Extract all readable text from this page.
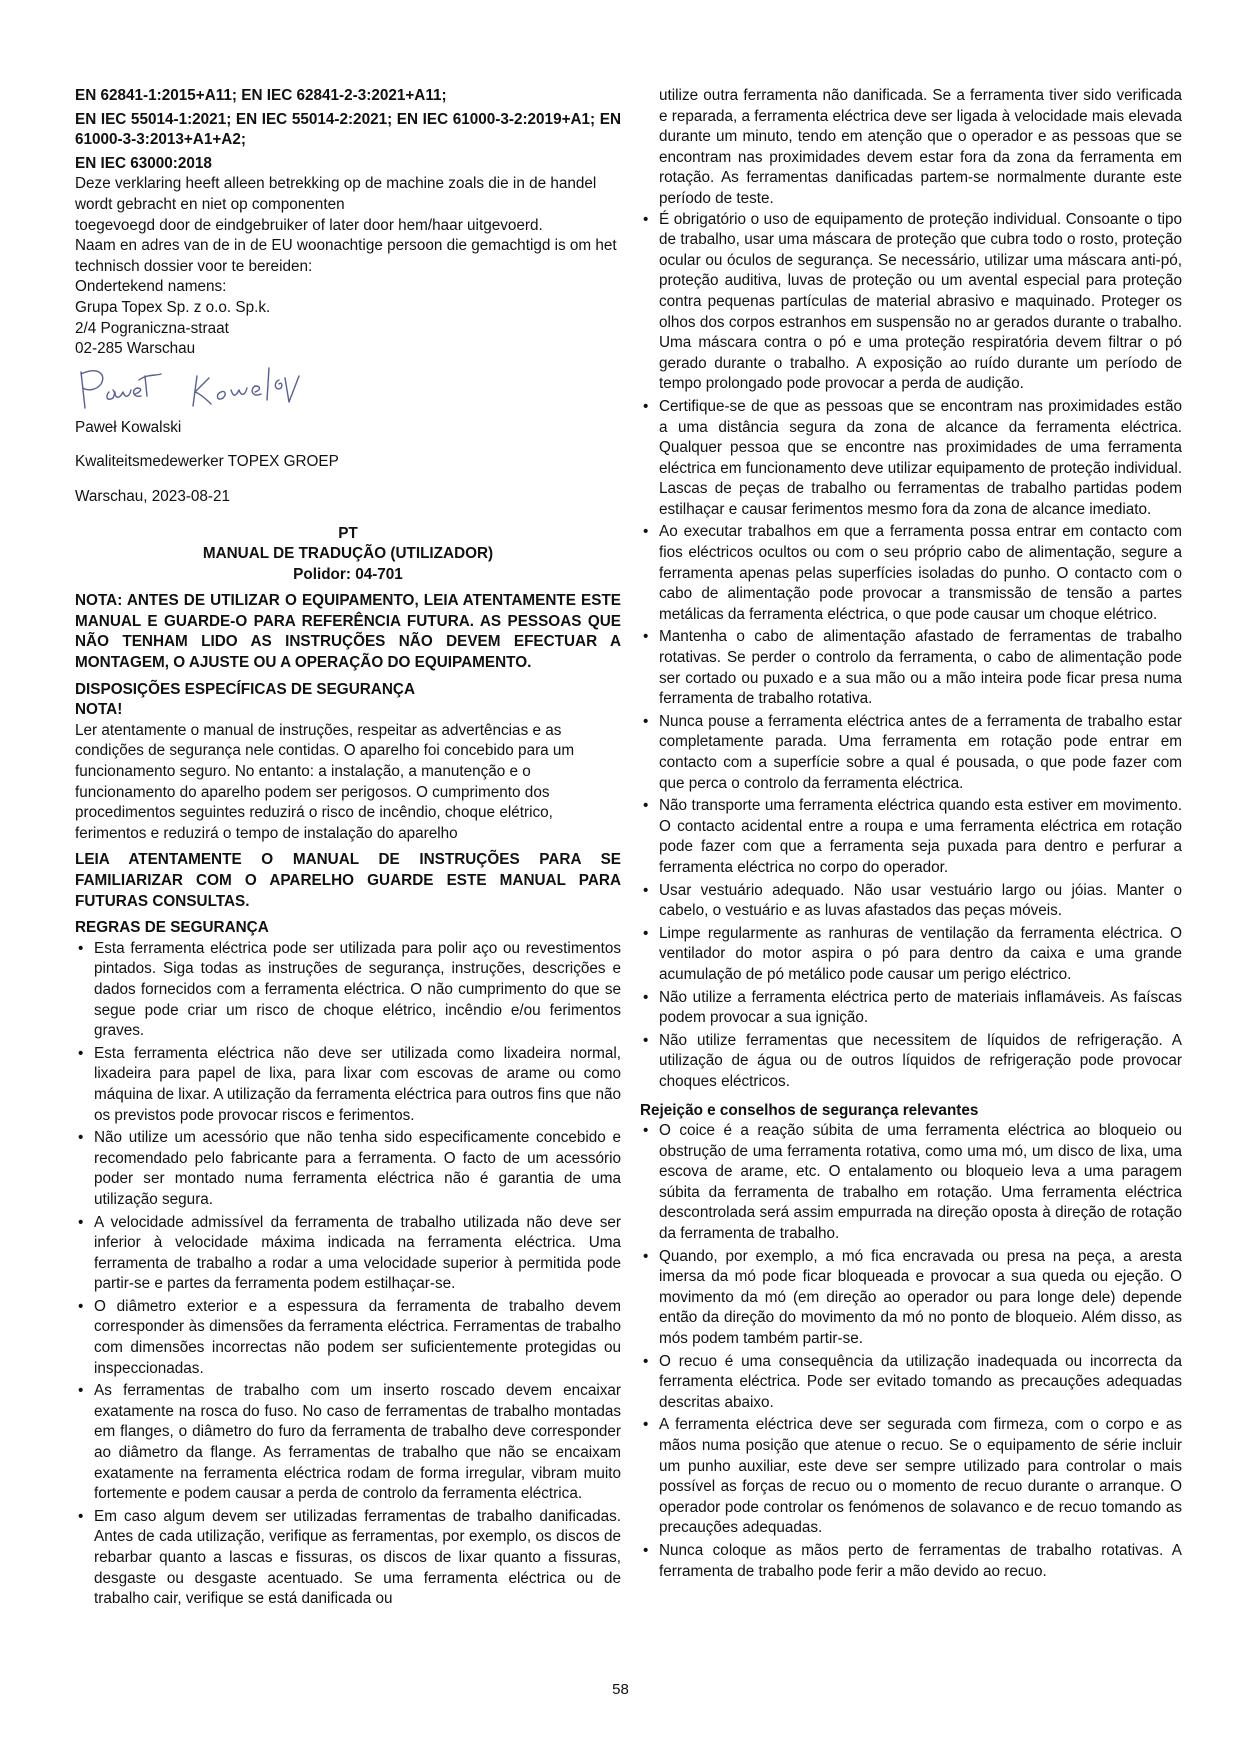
EN 62841-1:2015+A11; EN IEC 62841-2-3:2021+A11;

EN IEC 55014-1:2021; EN IEC 55014-2:2021; EN IEC 61000-3-2:2019+A1; EN 61000-3-3:2013+A1+A2;

EN IEC 63000:2018

Deze verklaring heeft alleen betrekking op de machine zoals die in de handel wordt gebracht en niet op componenten

toegevoegd door de eindgebruiker of later door hem/haar uitgevoerd.

Naam en adres van de in de EU woonachtige persoon die gemachtigd is om het technisch dossier voor te bereiden:

Ondertekend namens:

Grupa Topex Sp. z o.o. Sp.k.

2/4 Pograniczna-straat

02-285 Warschau

Paweł Kowalski

Kwaliteitsmedewerker TOPEX GROEP

Warschau, 2023-08-21

PT

MANUAL DE TRADUÇÃO (UTILIZADOR)

Polidor: 04-701

NOTA: ANTES DE UTILIZAR O EQUIPAMENTO, LEIA ATENTAMENTE ESTE MANUAL E GUARDE-O PARA REFERÊNCIA FUTURA. AS PESSOAS QUE NÃO TENHAM LIDO AS INSTRUÇÕES NÃO DEVEM EFECTUAR A MONTAGEM, O AJUSTE OU A OPERAÇÃO DO EQUIPAMENTO.

DISPOSIÇÕES ESPECÍFICAS DE SEGURANÇA

NOTA!

Ler atentamente o manual de instruções, respeitar as advertências e as condições de segurança nele contidas. O aparelho foi concebido para um funcionamento seguro. No entanto: a instalação, a manutenção e o funcionamento do aparelho podem ser perigosos. O cumprimento dos procedimentos seguintes reduzirá o risco de incêndio, choque elétrico, ferimentos e reduzirá o tempo de instalação do aparelho

LEIA ATENTAMENTE O MANUAL DE INSTRUÇÕES PARA SE FAMILIARIZAR COM O APARELHO GUARDE ESTE MANUAL PARA FUTURAS CONSULTAS.

REGRAS DE SEGURANÇA

• Esta ferramenta eléctrica pode ser utilizada para polir aço ou revestimentos pintados. Siga todas as instruções de segurança, instruções, descrições e dados fornecidos com a ferramenta eléctrica. O não cumprimento do que se segue pode criar um risco de choque elétrico, incêndio e/ou ferimentos graves.
• Esta ferramenta eléctrica não deve ser utilizada como lixadeira normal, lixadeira para papel de lixa, para lixar com escovas de arame ou como máquina de lixar. A utilização da ferramenta eléctrica para outros fins que não os previstos pode provocar riscos e ferimentos.
• Não utilize um acessório que não tenha sido especificamente concebido e recomendado pelo fabricante para a ferramenta. O facto de um acessório poder ser montado numa ferramenta eléctrica não é garantia de uma utilização segura.
• A velocidade admissível da ferramenta de trabalho utilizada não deve ser inferior à velocidade máxima indicada na ferramenta eléctrica. Uma ferramenta de trabalho a rodar a uma velocidade superior à permitida pode partir-se e partes da ferramenta podem estilhaçar-se.
• O diâmetro exterior e a espessura da ferramenta de trabalho devem corresponder às dimensões da ferramenta eléctrica. Ferramentas de trabalho com dimensões incorrectas não podem ser suficientemente protegidas ou inspeccionadas.
• As ferramentas de trabalho com um inserto roscado devem encaixar exatamente na rosca do fuso. No caso de ferramentas de trabalho montadas em flanges, o diâmetro do furo da ferramenta de trabalho deve corresponder ao diâmetro da flange. As ferramentas de trabalho que não se encaixam exatamente na ferramenta eléctrica rodam de forma irregular, vibram muito fortemente e podem causar a perda de controlo da ferramenta eléctrica.
• Em caso algum devem ser utilizadas ferramentas de trabalho danificadas. Antes de cada utilização, verifique as ferramentas, por exemplo, os discos de rebarbar quanto a lascas e fissuras, os discos de lixar quanto a fissuras, desgaste ou desgaste acentuado. Se uma ferramenta eléctrica ou de trabalho cair, verifique se está danificada ou

utilize outra ferramenta não danificada. Se a ferramenta tiver sido verificada e reparada, a ferramenta eléctrica deve ser ligada à velocidade mais elevada durante um minuto, tendo em atenção que o operador e as pessoas que se encontram nas proximidades devem estar fora da zona da ferramenta em rotação. As ferramentas danificadas partem-se normalmente durante este período de teste.

• É obrigatório o uso de equipamento de proteção individual. Consoante o tipo de trabalho, usar uma máscara de proteção que cubra todo o rosto, proteção ocular ou óculos de segurança. Se necessário, utilizar uma máscara anti-pó, proteção auditiva, luvas de proteção ou um avental especial para proteção contra pequenas partículas de material abrasivo e maquinado. Proteger os olhos dos corpos estranhos em suspensão no ar gerados durante o trabalho. Uma máscara contra o pó e uma proteção respiratória devem filtrar o pó gerado durante o trabalho. A exposição ao ruído durante um período de tempo prolongado pode provocar a perda de audição.
• Certifique-se de que as pessoas que se encontram nas proximidades estão a uma distância segura da zona de alcance da ferramenta eléctrica. Qualquer pessoa que se encontre nas proximidades de uma ferramenta eléctrica em funcionamento deve utilizar equipamento de proteção individual. Lascas de peças de trabalho ou ferramentas de trabalho partidas podem estilhaçar e causar ferimentos mesmo fora da zona de alcance imediato.
• Ao executar trabalhos em que a ferramenta possa entrar em contacto com fios eléctricos ocultos ou com o seu próprio cabo de alimentação, segure a ferramenta apenas pelas superfícies isoladas do punho. O contacto com o cabo de alimentação pode provocar a transmissão de tensão a partes metálicas da ferramenta eléctrica, o que pode causar um choque elétrico.
• Mantenha o cabo de alimentação afastado de ferramentas de trabalho rotativas. Se perder o controlo da ferramenta, o cabo de alimentação pode ser cortado ou puxado e a sua mão ou a mão inteira pode ficar presa numa ferramenta de trabalho rotativa.
• Nunca pouse a ferramenta eléctrica antes de a ferramenta de trabalho estar completamente parada. Uma ferramenta em rotação pode entrar em contacto com a superfície sobre a qual é pousada, o que pode fazer com que perca o controlo da ferramenta eléctrica.
• Não transporte uma ferramenta eléctrica quando esta estiver em movimento. O contacto acidental entre a roupa e uma ferramenta eléctrica em rotação pode fazer com que a ferramenta seja puxada para dentro e perfurar a ferramenta eléctrica no corpo do operador.
• Usar vestuário adequado. Não usar vestuário largo ou jóias. Manter o cabelo, o vestuário e as luvas afastados das peças móveis.
• Limpe regularmente as ranhuras de ventilação da ferramenta eléctrica. O ventilador do motor aspira o pó para dentro da caixa e uma grande acumulação de pó metálico pode causar um perigo eléctrico.
• Não utilize a ferramenta eléctrica perto de materiais inflamáveis. As faíscas podem provocar a sua ignição.
• Não utilize ferramentas que necessitem de líquidos de refrigeração. A utilização de água ou de outros líquidos de refrigeração pode provocar choques eléctricos.

Rejeição e conselhos de segurança relevantes

• O coice é a reação súbita de uma ferramenta eléctrica ao bloqueio ou obstrução de uma ferramenta rotativa, como uma mó, um disco de lixa, uma escova de arame, etc. O entalamento ou bloqueio leva a uma paragem súbita da ferramenta de trabalho em rotação. Uma ferramenta eléctrica descontrolada será assim empurrada na direção oposta à direção de rotação da ferramenta de trabalho.
• Quando, por exemplo, a mó fica encravada ou presa na peça, a aresta imersa da mó pode ficar bloqueada e provocar a sua queda ou ejeção. O movimento da mó (em direção ao operador ou para longe dele) depende então da direção do movimento da mó no ponto de bloqueio. Além disso, as mós podem também partir-se.
• O recuo é uma consequência da utilização inadequada ou incorrecta da ferramenta eléctrica. Pode ser evitado tomando as precauções adequadas descritas abaixo.
• A ferramenta eléctrica deve ser segurada com firmeza, com o corpo e as mãos numa posição que atenue o recuo. Se o equipamento de série incluir um punho auxiliar, este deve ser sempre utilizado para controlar o mais possível as forças de recuo ou o momento de recuo durante o arranque. O operador pode controlar os fenómenos de solavanco e de recuo tomando as precauções adequadas.
• Nunca coloque as mãos perto de ferramentas de trabalho rotativas. A ferramenta de trabalho pode ferir a mão devido ao recuo.
58
